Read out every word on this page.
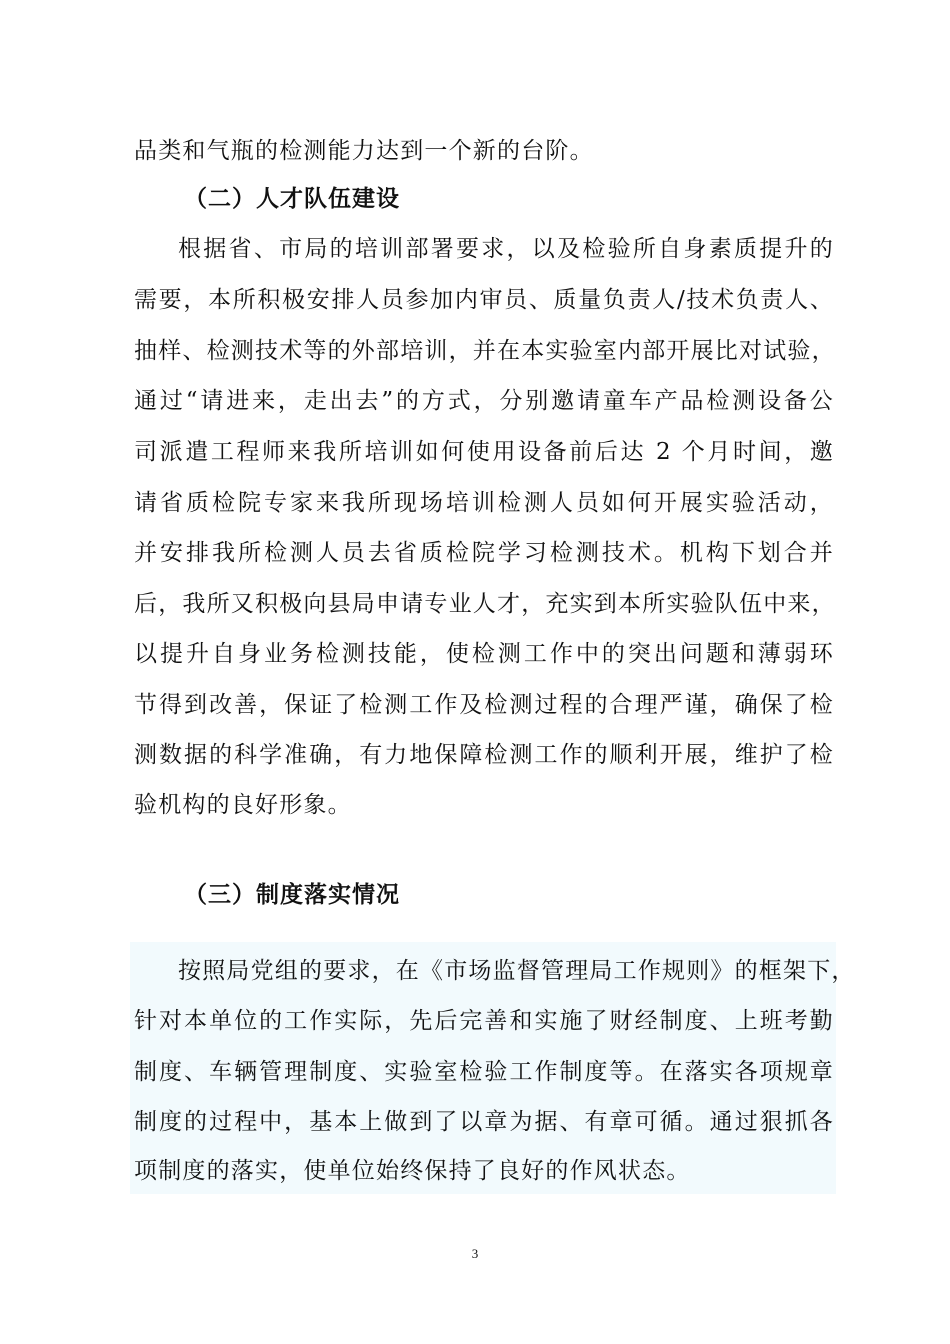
品类和气瓶的检测能力达到一个新的台阶。
（二）人才队伍建设
根据省、市局的培训部署要求，以及检验所自身素质提升的
需要，本所积极安排人员参加内审员、质量负责人/技术负责人、
抽样、检测技术等的外部培训，并在本实验室内部开展比对试验，
通过“请进来，走出去”的方式，分别邀请童车产品检测设备公
司派遣工程师来我所培训如何使用设备前后达 2 个月时间，邀
请省质检院专家来我所现场培训检测人员如何开展实验活动，
并安排我所检测人员去省质检院学习检测技术。机构下划合并
后，我所又积极向县局申请专业人才，充实到本所实验队伍中来，
以提升自身业务检测技能，使检测工作中的突出问题和薄弱环
节得到改善，保证了检测工作及检测过程的合理严谨，确保了检
测数据的科学准确，有力地保障检测工作的顺利开展，维护了检
验机构的良好形象。
（三）制度落实情况
按照局党组的要求，在《市场监督管理局工作规则》的框架下，
针对本单位的工作实际，先后完善和实施了财经制度、上班考勤
制度、车辆管理制度、实验室检验工作制度等。在落实各项规章
制度的过程中，基本上做到了以章为据、有章可循。通过狠抓各
项制度的落实，使单位始终保持了良好的作风状态。
3
